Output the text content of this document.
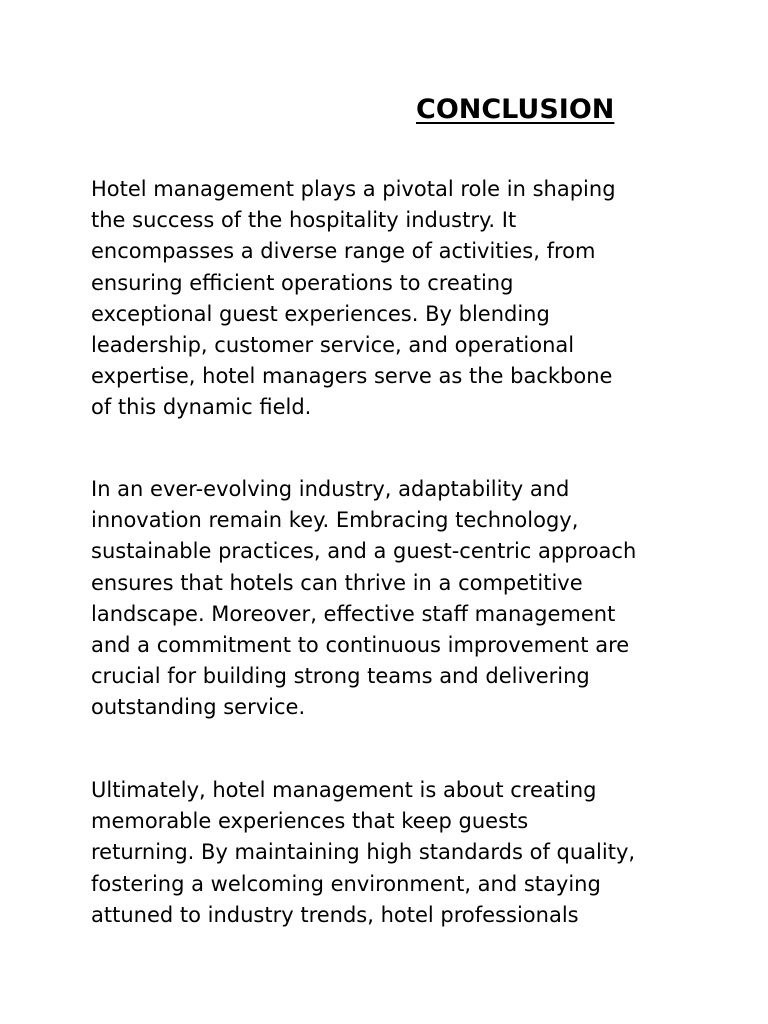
CONCLUSION

Hotel management plays a pivotal role in shaping
the success of the hospitality industry. It
encompasses a diverse range of activities, from
ensuring efficient operations to creating
exceptional guest experiences. By blending
leadership, customer service, and operational
expertise, hotel managers serve as the backbone
of this dynamic field.

In an ever-evolving industry, adaptability and
innovation remain key. Embracing technology,
sustainable practices, and a guest-centric approach
ensures that hotels can thrive in a competitive
landscape. Moreover, effective staff management
and a commitment to continuous improvement are
crucial for building strong teams and delivering
outstanding service.

Ultimately, hotel management is about creating
memorable experiences that keep guests
returning. By maintaining high standards of quality,
fostering a welcoming environment, and staying
attuned to industry trends, hotel professionals
